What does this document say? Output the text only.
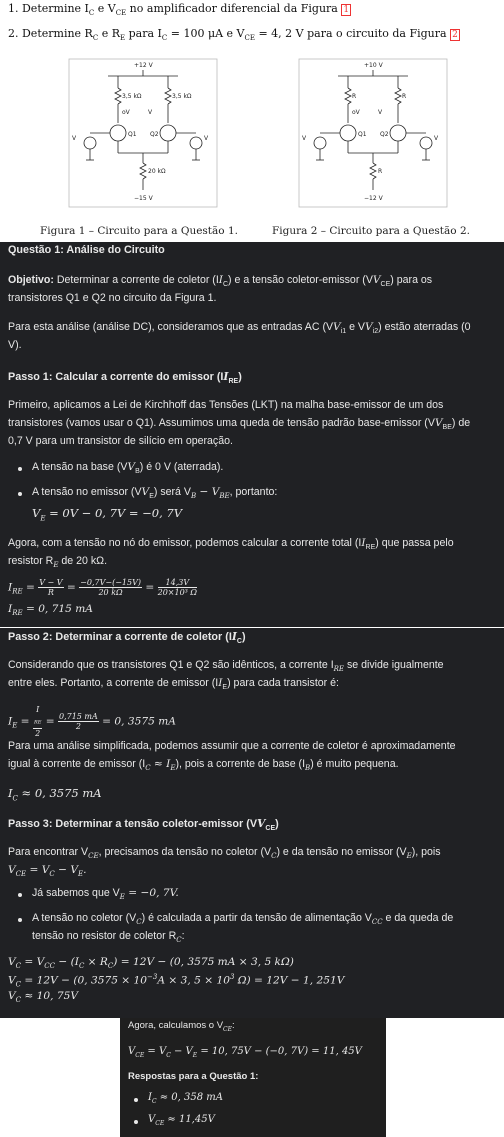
1. Determine $I_C$ e $V_{CE}$ no amplificador diferencial da Figura 1
2. Determine $R_C$ e $R_E$ para $I_C = 100$ μA e $V_{CE} = 4$, 2 V para o circuito da Figura 2
+12 V
3,5 kΩ	3,5 kΩ
oV	V
Q1 Q2
V	V
20 kΩ
−15 V
+10 V
R	R
oV	V
Q1 Q2
V	V
R
−12 V
Figura 1 – Circuito para a Questão 1.	Figura 2 – Circuito para a Questão 2.
Questão 1: Análise do Circuito
Objetivo: Determinar a corrente de coletor $(II_C)$ e a tensão coletor-emissor $(VV_{CE})$ para os
transistores Q1 e Q2 no circuito da Figura 1.
Para esta análise (análise DC), consideramos que as entradas AC ($VV_{i1}$ e $VV_{i2}$) estão aterradas (0
V).
Passo 1: Calcular a corrente do emissor $(II_{RE})$
Primeiro, aplicamos a Lei de Kirchhoff das Tensões (LKT) na malha base-emissor de um dos
transistores (vamos usar o Q1). Assumimos uma queda de tensão padrão base-emissor $(VV_{BE})$ de
0,7 V para um transistor de silício em operação.
A tensão na base $(VV_B)$ é 0 V (aterrada).
A tensão no emissor $(VV_E)$ será $V_B - V_{BE}$, portanto:
$V_E = 0V - 0$, 7V = −0, 7V
Agora, com a tensão no nó do emissor, podemos calcular a corrente total $(II_{RE})$ que passa pelo
resistor $R_E$ de 20 kΩ.
$I_{RE} = \frac{V - V}{R} = \frac{-0,7V-(-15V)}{20 k\Omega} = \frac{14,3V}{\text{20×10³ Ω}}$
$I_{RE} = 0$, 715 mA
Passo 2: Determinar a corrente de coletor $(II_C)$
Considerando que os transistores Q1 e Q2 são idênticos, a corrente $I_{RE}$ se divide igualmente
entre eles. Portanto, a corrente de emissor $(II_E)$ para cada transistor é:
$I_E = I$
$_{RE}$
$2 = \frac{0,715 mA}{2} = 0$, 3575 mA
Para uma análise simplificada, podemos assumir que a corrente de coletor é aproximadamente
igual à corrente de emissor $(I_C \approx I_E)$, pois a corrente de base $(I_B)$ é muito pequena.
$I_C \approx 0$, 3575 mA
Passo 3: Determinar a tensão coletor-emissor $(VV_{CE})$
Para encontrar $V_{CE}$, precisamos da tensão no coletor $(V_C)$ e da tensão no emissor $(V_E)$, pois
$V_{CE} = V_C - V_E$.
Já sabemos que $V_E = -0$, 7V.
A tensão no coletor $(V_C)$ é calculada a partir da tensão de alimentação $V_{CC}$ e da queda de
tensão no resistor de coletor $R_C$:
$V_C = V_{CC} - (I_C \times R_C) = 12V - (0$, 3575 mA × 3, 5 kΩ)
$V_C = 12V - (0$, $3575 \times 10^{-3}A \times 3$, $5 \times 10^3$ Ω) = 12V − 1, 251V
$V_C \approx 10$, 75V
Agora, calculamos o $V_{CE}$:
$V_{CE} = V_C - V_E = 10$, 75V − (−0, 7V) = 11, 45V
Respostas para a Questão 1:
$I_C \approx 0$, 358 mA
$V_{CE} \approx 11,45V$
